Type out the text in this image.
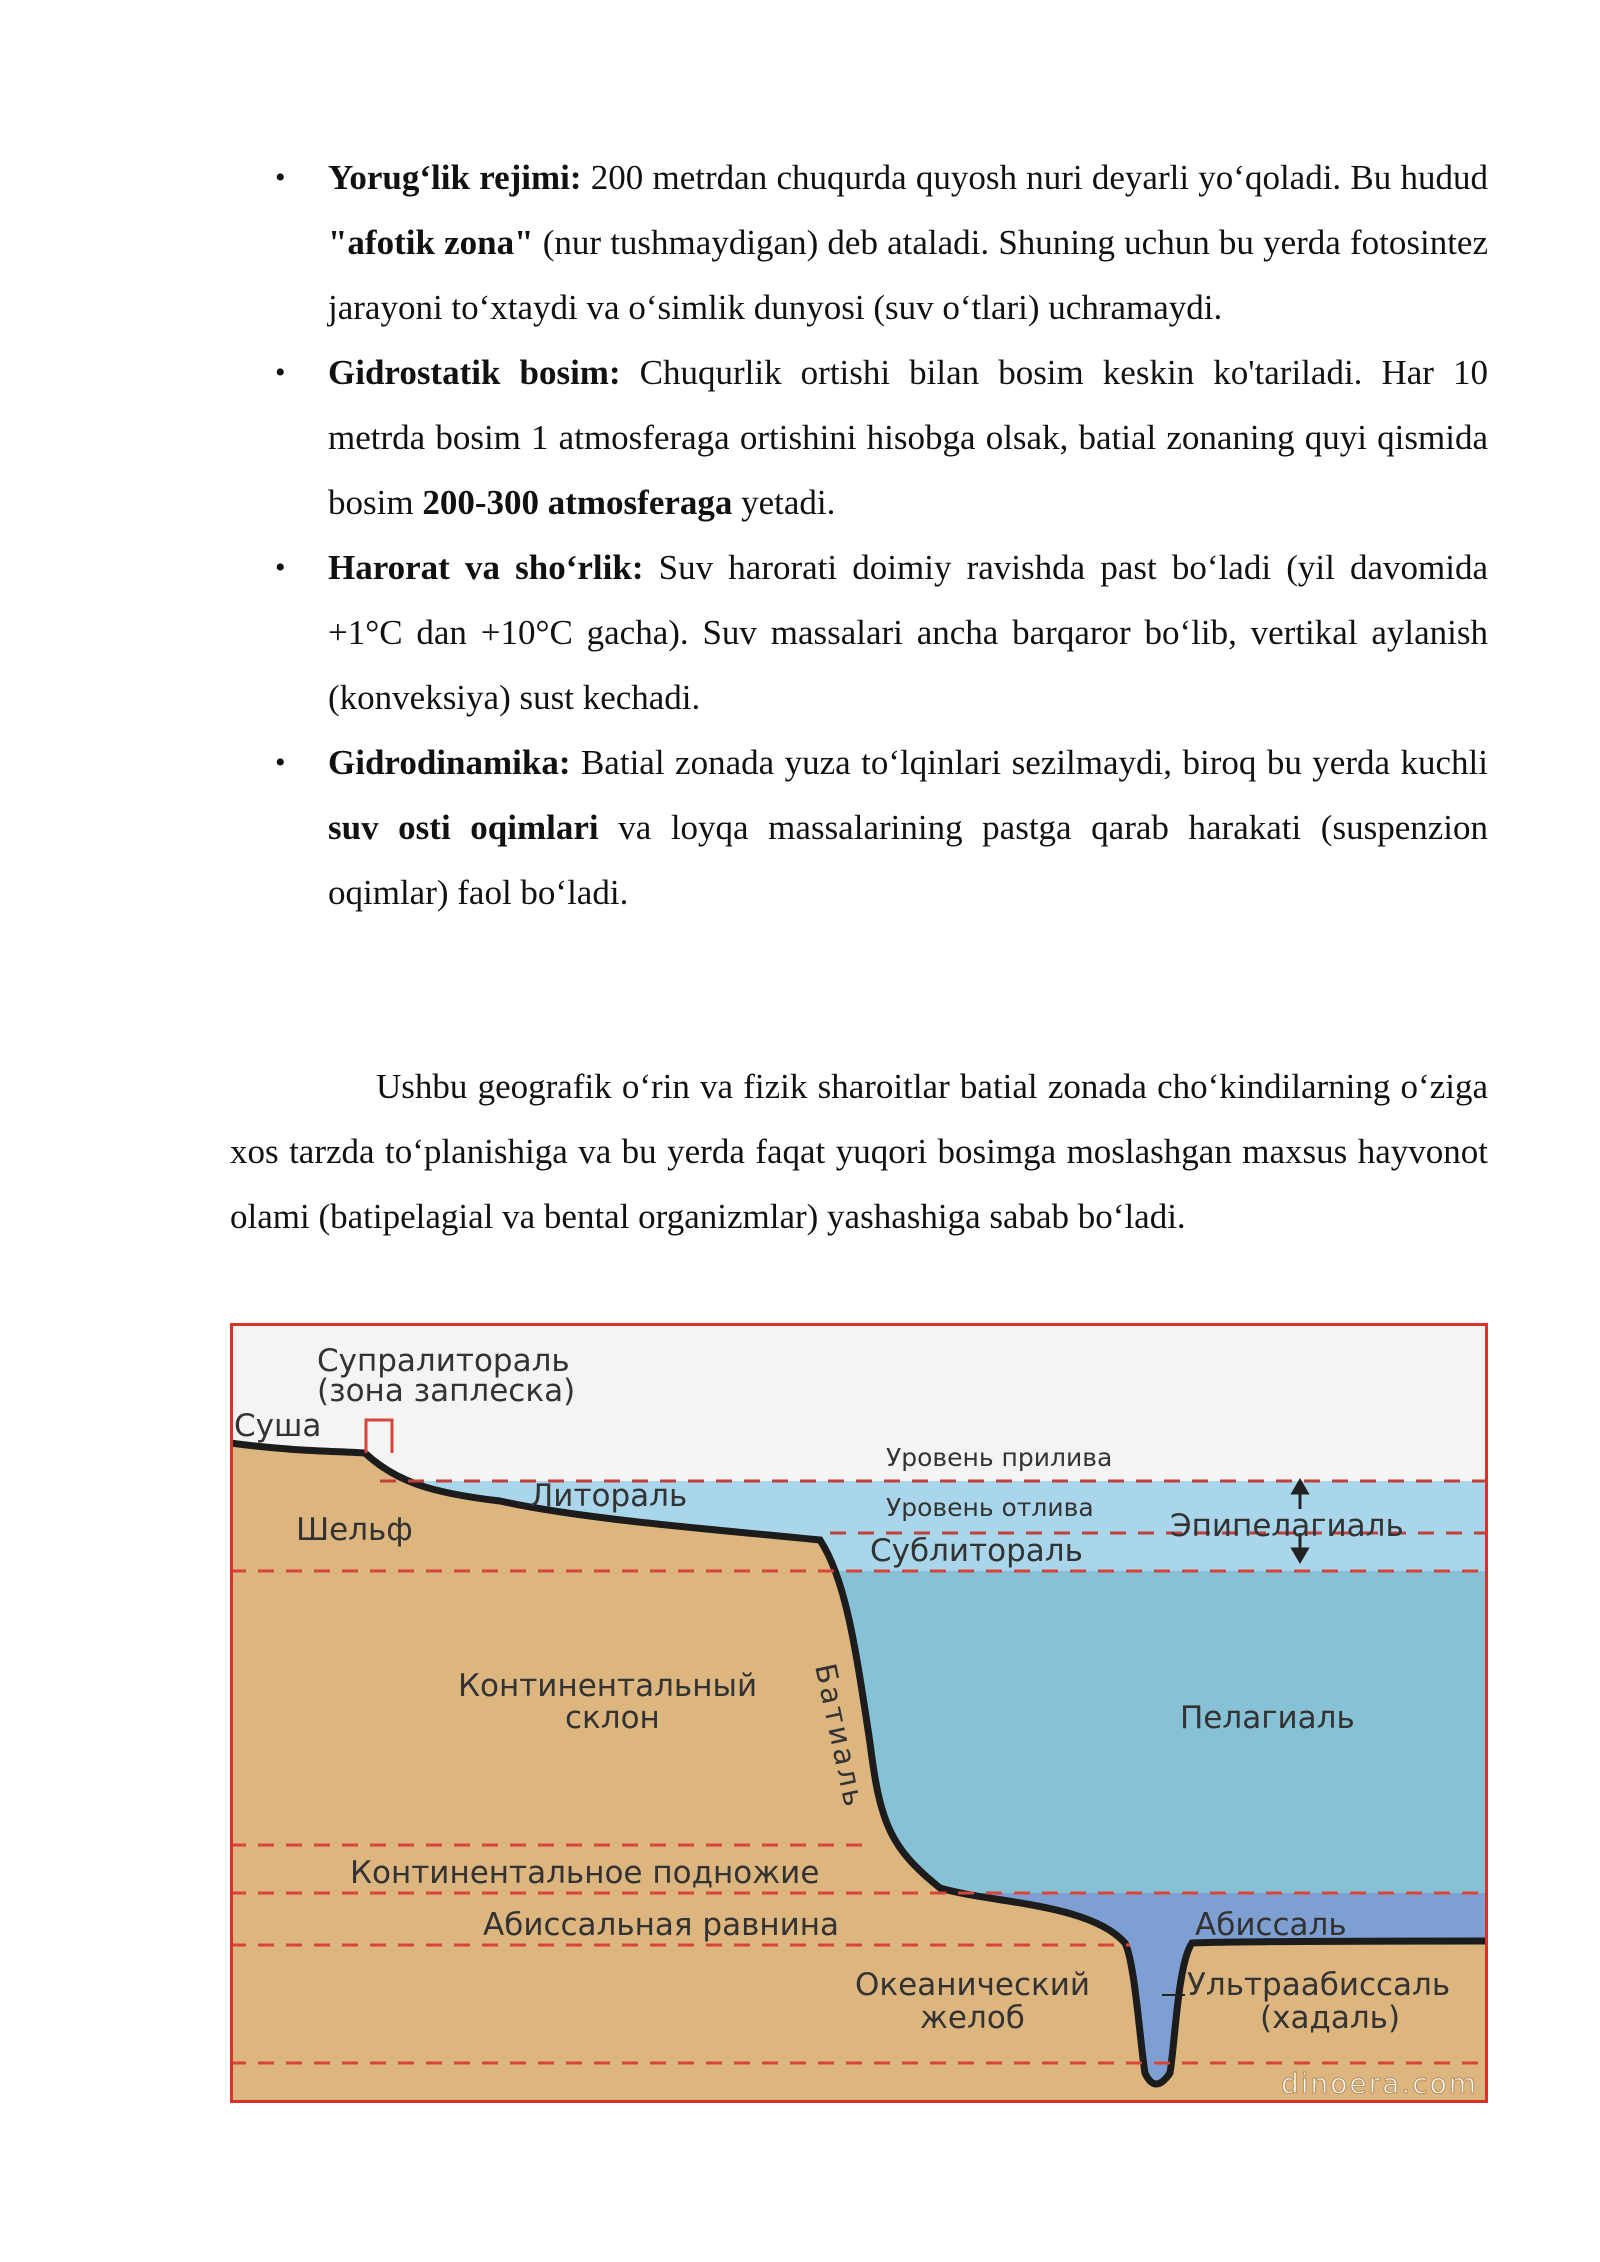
• Yorug‘lik rejimi: 200 metrdan chuqurda quyosh nuri deyarli yo‘qoladi. Bu hudud "afotik zona" (nur tushmaydigan) deb ataladi. Shuning uchun bu yerda fotosintez jarayoni to‘xtaydi va o‘simlik dunyosi (suv o‘tlari) uchramaydi.
• Gidrostatik bosim: Chuqurlik ortishi bilan bosim keskin ko'tariladi. Har 10 metrda bosim 1 atmosferaga ortishini hisobga olsak, batial zonaning quyi qismida bosim 200-300 atmosferaga yetadi.
• Harorat va sho‘rlik: Suv harorati doimiy ravishda past bo‘ladi (yil davomida +1°C dan +10°C gacha). Suv massalari ancha barqaror bo‘lib, vertikal aylanish (konveksiya) sust kechadi.
• Gidrodinamika: Batial zonada yuza to‘lqinlari sezilmaydi, biroq bu yerda kuchli suv osti oqimlari va loyqa massalarining pastga qarab harakati (suspenzion oqimlar) faol bo‘ladi.

Ushbu geografik o‘rin va fizik sharoitlar batial zonada cho‘kindilarning o‘ziga xos tarzda to‘planishiga va bu yerda faqat yuqori bosimga moslashgan maxsus hayvonot olami (batipelagial va bental organizmlar) yashashiga sabab bo‘ladi.

Супралитораль
(зона заплеска)
Суша
Уровень прилива
Литораль	Уровень отлива
Шельф	Эпипелагиаль
Сублитораль
Континентальный
склон	Батиаль	Пелагиаль
Континентальное подножие
Абиссальная равнина	Абиссаль
Океанический
желоб
Ультраабиссаль
(хадаль)
dinoera.com
